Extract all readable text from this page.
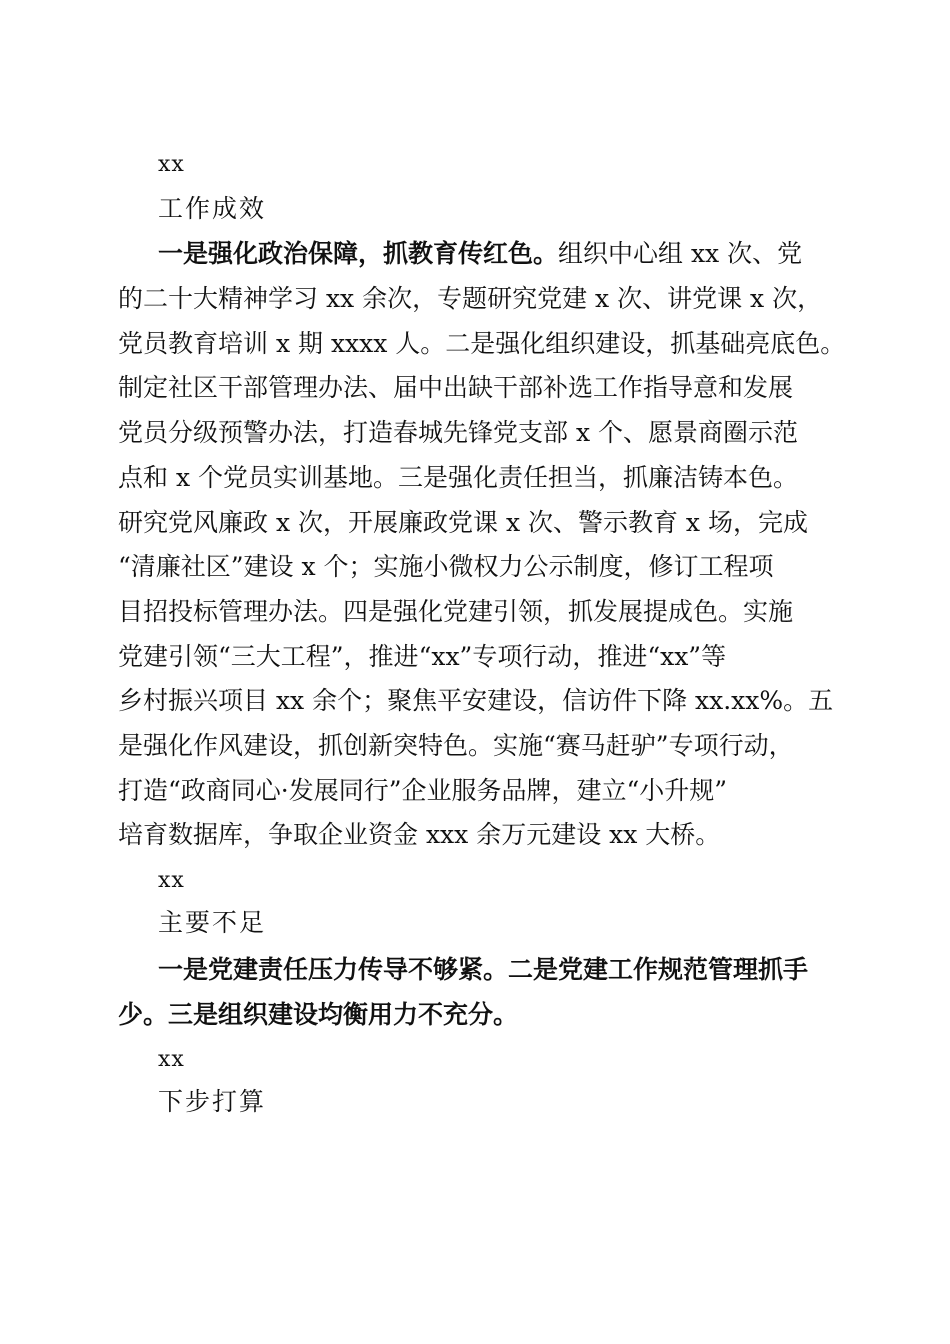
xx
工作成效
一是强化政治保障，抓教育传红色。组织中心组 xx 次、党
的二十大精神学习 xx 余次，专题研究党建 x 次、讲党课 x 次，
党员教育培训 x 期 xxxx 人。二是强化组织建设，抓基础亮底色。
制定社区干部管理办法、届中出缺干部补选工作指导意和发展
党员分级预警办法，打造春城先锋党支部 x 个、愿景商圈示范
点和 x 个党员实训基地。三是强化责任担当，抓廉洁铸本色。
研究党风廉政 x 次，开展廉政党课 x 次、警示教育 x 场，完成
“清廉社区”建设 x 个；实施小微权力公示制度，修订工程项
目招投标管理办法。四是强化党建引领，抓发展提成色。实施
党建引领“三大工程”，推进“xx”专项行动，推进“xx”等
乡村振兴项目 xx 余个；聚焦平安建设，信访件下降 xx.xx%。五
是强化作风建设，抓创新突特色。实施“赛马赶驴”专项行动，
打造“政商同心·发展同行”企业服务品牌，建立“小升规”
培育数据库，争取企业资金 xxx 余万元建设 xx 大桥。
xx
主要不足
一是党建责任压力传导不够紧。二是党建工作规范管理抓手
少。三是组织建设均衡用力不充分。
xx
下步打算
